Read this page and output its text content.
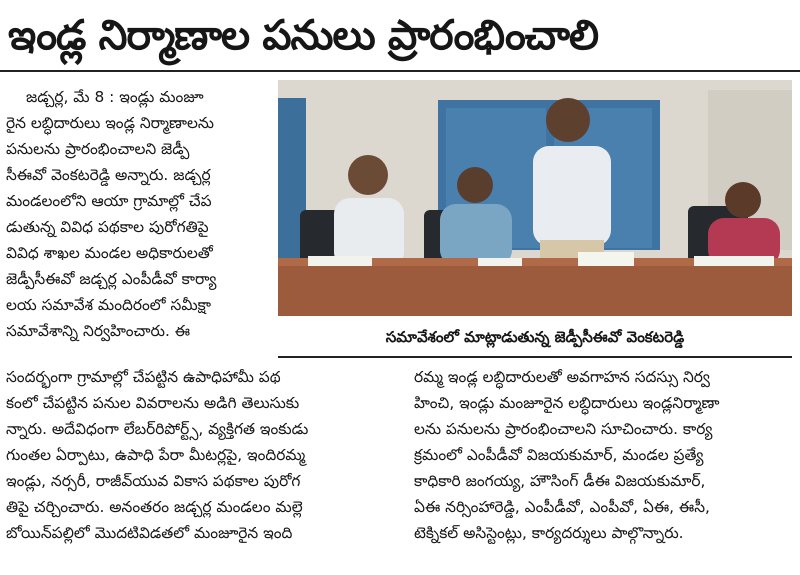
ఇండ్ల నిర్మాణాల పనులు ప్రారంభించాలి
జడ్చర్ల, మే 8 : ఇండ్లు మంజూ
రైన లబ్ధిదారులు ఇండ్ల నిర్మాణాలను
పనులను ప్రారంభించాలని జెడ్పీ
సీఈవో వెంకటరెడ్డి అన్నారు. జడ్చర్ల
మండలంలోని ఆయా గ్రామాల్లో చేప
డుతున్న వివిధ పథకాల పురోగతిపై
వివిధ శాఖల మండల అధికారులతో
జెడ్పీసీఈవో జడ్చర్ల ఎంపీడీవో కార్యా
లయ సమావేశ మందిరంలో సమీక్షా
సమావేశాన్ని నిర్వహించారు. ఈ	సమావేశంలో మాట్లాడుతున్న జెడ్పీసీఈవో వెంకటరెడ్డి
సందర్భంగా గ్రామాల్లో చేపట్టిన ఉపాధిహామీ పథ
కంలో చేపట్టిన పనుల వివరాలను అడిగి తెలుసుకు
న్నారు. అదేవిధంగా లేబర్‌రిపోర్ట్స్, వ్యక్తిగత ఇంకుడు
గుంతల ఏర్పాటు, ఉపాధి పేరా మీటర్లపై, ఇందిరమ్మ
ఇండ్లు, నర్సరీ, రాజీవ్‌యువ వికాస పథకాల పురోగ
తిపై చర్చించారు. అనంతరం జడ్చర్ల మండలం మల్లె
బోయిన్‌పల్లిలో మొదటివిడతలో మంజూరైన ఇంది
రమ్మ ఇండ్ల లబ్ధిదారులతో అవగాహన సదస్సు నిర్వ
హించి, ఇండ్లు మంజూరైన లబ్ధిదారులు ఇండ్లనిర్మాణా
లను పనులను ప్రారంభించాలని సూచించారు. కార్య
క్రమంలో ఎంపీడీవో విజయకుమార్, మండల ప్రత్యే
కాధికారి జంగయ్య, హౌసింగ్ డీఈ విజయకుమార్,
ఏఈ నర్సింహారెడ్డి, ఎంపీడీవో, ఎంపీవో, ఏఈ, ఈసీ,
టెక్నికల్ అసిస్టెంట్లు, కార్యదర్శులు పాల్గొన్నారు.
